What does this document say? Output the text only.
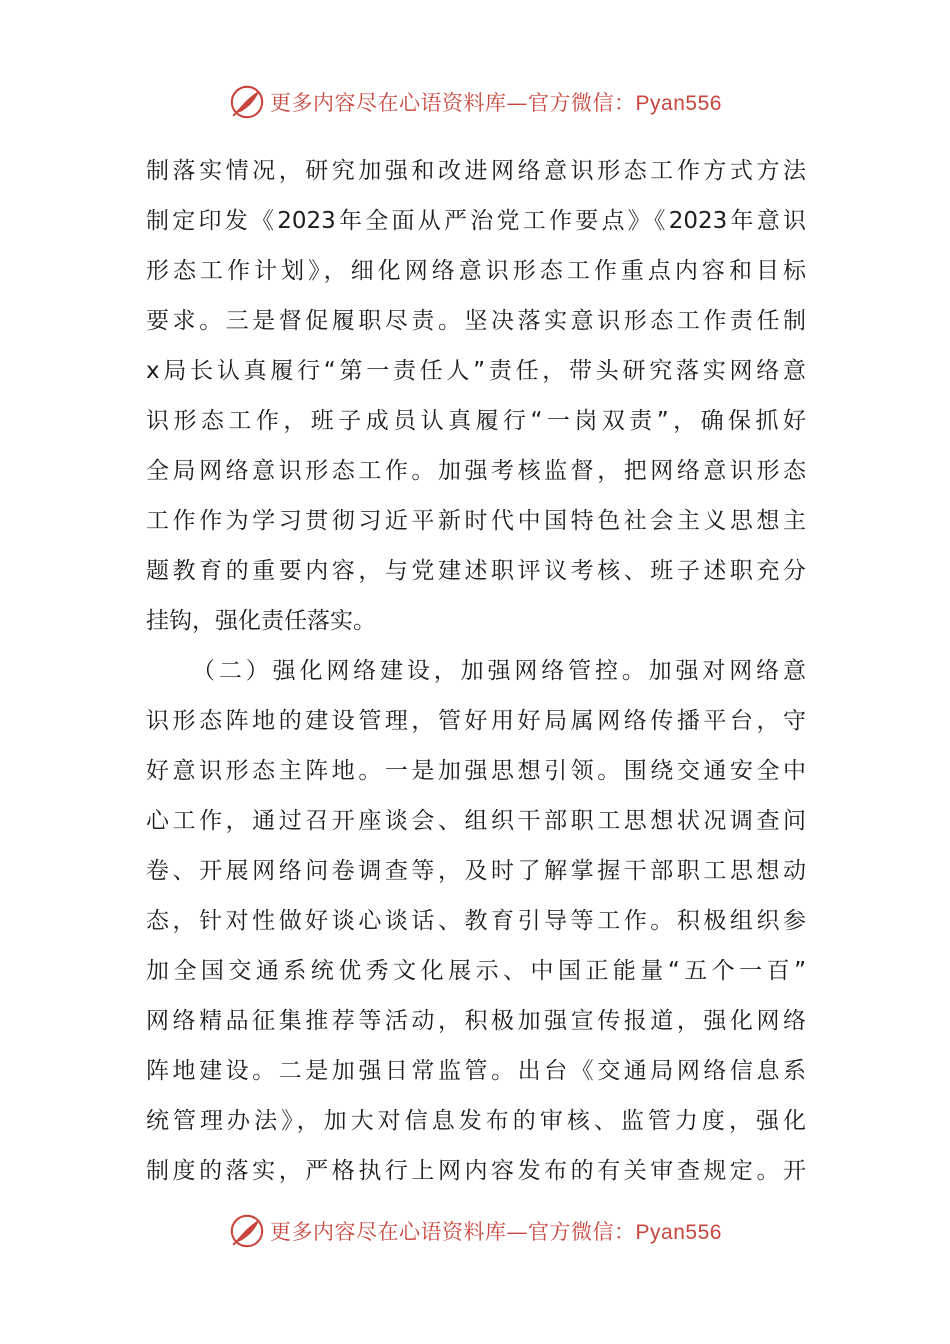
更多内容尽在心语资料库—官方微信：Pyan556
制落实情况，研究加强和改进网络意识形态工作方式方法
制定印发《2023年全面从严治党工作要点》《2023年意识
形态工作计划》，细化网络意识形态工作重点内容和目标
要求。三是督促履职尽责。坚决落实意识形态工作责任制
x局长认真履行“第一责任人”责任，带头研究落实网络意
识形态工作，班子成员认真履行“一岗双责”，确保抓好
全局网络意识形态工作。加强考核监督，把网络意识形态
工作作为学习贯彻习近平新时代中国特色社会主义思想主
题教育的重要内容，与党建述职评议考核、班子述职充分
挂钩，强化责任落实。
（二）强化网络建设，加强网络管控。加强对网络意
识形态阵地的建设管理，管好用好局属网络传播平台，守
好意识形态主阵地。一是加强思想引领。围绕交通安全中
心工作，通过召开座谈会、组织干部职工思想状况调查问
卷、开展网络问卷调查等，及时了解掌握干部职工思想动
态，针对性做好谈心谈话、教育引导等工作。积极组织参
加全国交通系统优秀文化展示、中国正能量“五个一百”
网络精品征集推荐等活动，积极加强宣传报道，强化网络
阵地建设。二是加强日常监管。出台《交通局网络信息系
统管理办法》，加大对信息发布的审核、监管力度，强化
制度的落实，严格执行上网内容发布的有关审查规定。开
更多内容尽在心语资料库—官方微信：Pyan556
